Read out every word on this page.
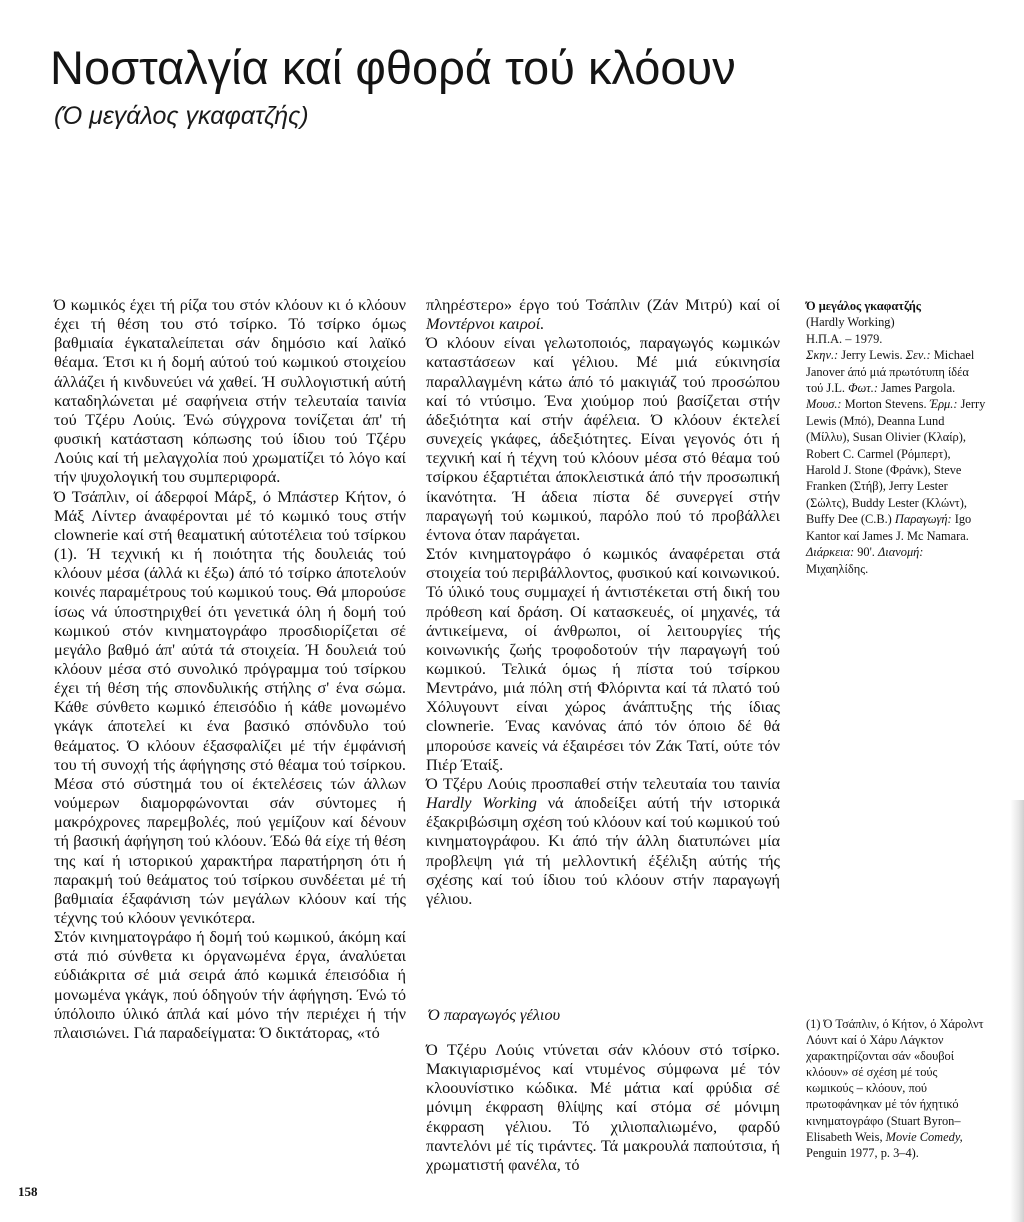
Νοσταλγία καί φθορά τού κλόουν
(Ό μεγάλος γκαφατζής)

Ό κωμικός έχει τή ρίζα του στόν κλόουν κι ό κλόουν έχει τή θέση του στό τσίρκο. Τό τσίρκο όμως βαθμιαία έγκαταλείπεται σάν δημόσιο καί λαϊκό θέαμα. Έτσι κι ή δομή αύτού τού κωμικού στοιχείου άλλάζει ή κινδυνεύει νά χαθεί. Ή συλλογιστική αύτή καταδηλώνεται μέ σαφήνεια στήν τελευταία ταινία τού Τζέρυ Λούις. Ένώ σύγχρονα τονίζεται άπ' τή φυσική κατάσταση κόπωσης τού ίδιου τού Τζέρυ Λούις καί τή μελαγχολία πού χρωματίζει τό λόγο καί τήν ψυχολογική του συμπεριφορά.

Ό Τσάπλιν, οί άδερφοί Μάρξ, ό Μπάστερ Κήτον, ό Μάξ Λίντερ άναφέρονται μέ τό κωμικό τους στήν clownerie καί στή θεαματική αύτοτέλεια τού τσίρκου (1). Ή τεχνική κι ή ποιότητα τής δουλειάς τού κλόουν μέσα (άλλά κι έξω) άπό τό τσίρκο άποτελούν κοινές παραμέτρους τού κωμικού τους. Θά μπορούσε ίσως νά ύποστηριχθεί ότι γενετικά όλη ή δομή τού κωμικού στόν κινηματογράφο προσδιορίζεται σέ μεγάλο βαθμό άπ' αύτά τά στοιχεία. Ή δουλειά τού κλόουν μέσα στό συνολικό πρόγραμμα τού τσίρκου έχει τή θέση τής σπονδυλικής στήλης σ' ένα σώμα. Κάθε σύνθετο κωμικό έπεισόδιο ή κάθε μονωμένο γκάγκ άποτελεί κι ένα βασικό σπόνδυλο τού θεάματος. Ό κλόουν έξασφαλίζει μέ τήν έμφάνισή του τή συνοχή τής άφήγησης στό θέαμα τού τσίρκου. Μέσα στό σύστημά του οί έκτελέσεις τών άλλων νούμερων διαμορφώνονται σάν σύντομες ή μακρόχρονες παρεμβολές, πού γεμίζουν καί δένουν τή βασική άφήγηση τού κλόουν. Έδώ θά είχε τή θέση της καί ή ιστορικού χαρακτήρα παρατήρηση ότι ή παρακμή τού θεάματος τού τσίρκου συνδέεται μέ τή βαθμιαία έξαφάνιση τών μεγάλων κλόουν καί τής τέχνης τού κλόουν γενικότερα.

Στόν κινηματογράφο ή δομή τού κωμικού, άκόμη καί στά πιό σύνθετα κι όργανωμένα έργα, άναλύεται εύδιάκριτα σέ μιά σειρά άπό κωμικά έπεισόδια ή μονωμένα γκάγκ, πού όδηγούν τήν άφήγηση. Ένώ τό ύπόλοιπο ύλικό άπλά καί μόνο τήν περιέχει ή τήν πλαισιώνει. Γιά παραδείγματα: Ό δικτάτορας, «τό

πληρέστερο» έργο τού Τσάπλιν (Ζάν Μιτρύ) καί οί Μοντέρνοι καιροί.

Ό κλόουν είναι γελωτοποιός, παραγωγός κωμικών καταστάσεων καί γέλιου. Μέ μιά εύκινησία παραλλαγμένη κάτω άπό τό μακιγιάζ τού προσώπου καί τό ντύσιμο. Ένα χιούμορ πού βασίζεται στήν άδεξιότητα καί στήν άφέλεια. Ό κλόουν έκτελεί συνεχείς γκάφες, άδεξιότητες. Είναι γεγονός ότι ή τεχνική καί ή τέχνη τού κλόουν μέσα στό θέαμα τού τσίρκου έξαρτιέται άποκλειστικά άπό τήν προσωπική ίκανότητα. Ή άδεια πίστα δέ συνεργεί στήν παραγωγή τού κωμικού, παρόλο πού τό προβάλλει έντονα όταν παράγεται.

Στόν κινηματογράφο ό κωμικός άναφέρεται στά στοιχεία τού περιβάλλοντος, φυσικού καί κοινωνικού. Τό ύλικό τους συμμαχεί ή άντιστέκεται στή δική του πρόθεση καί δράση. Οί κατασκευές, οί μηχανές, τά άντικείμενα, οί άνθρωποι, οί λειτουργίες τής κοινωνικής ζωής τροφοδοτούν τήν παραγωγή τού κωμικού. Τελικά όμως ή πίστα τού τσίρκου Μεντράνο, μιά πόλη στή Φλόριντα καί τά πλατό τού Χόλυγουντ είναι χώρος άνάπτυξης τής ίδιας clownerie. Ένας κανόνας άπό τόν όποιο δέ θά μπορούσε κανείς νά έξαιρέσει τόν Ζάκ Τατί, ούτε τόν Πιέρ Έταίξ.

Ό Τζέρυ Λούις προσπαθεί στήν τελευταία του ταινία Hardly Working νά άποδείξει αύτή τήν ιστορικά έξακριβώσιμη σχέση τού κλόουν καί τού κωμικού τού κινηματογράφου. Κι άπό τήν άλλη διατυπώνει μία προβλεψη γιά τή μελλοντική έξέλιξη αύτής τής σχέσης καί τού ίδιου τού κλόουν στήν παραγωγή γέλιου.

Ό παραγωγός γέλιου

Ό Τζέρυ Λούις ντύνεται σάν κλόουν στό τσίρκο. Μακιγιαρισμένος καί ντυμένος σύμφωνα μέ τόν κλοουνίστικο κώδικα. Μέ μάτια καί φρύδια σέ μόνιμη έκφραση θλίψης καί στόμα σέ μόνιμη έκφραση γέλιου. Τό χιλιοπαλιωμένο, φαρδύ παντελόνι μέ τίς τιράντες. Τά μακρουλά παπούτσια, ή χρωματιστή φανέλα, τό

Ό μεγάλος γκαφατζής
(Hardly Working)
Η.Π.Α. – 1979.
Σκην.: Jerry Lewis. Σεν.: Michael Janover άπό μιά πρωτότυπη ίδέα τού J.L. Φωτ.: James Pargola. Μουσ.: Morton Stevens. Έρμ.: Jerry Lewis (Μπό), Deanna Lund (Μίλλυ), Susan Olivier (Κλαίρ), Robert C. Carmel (Ρόμπερτ), Harold J. Stone (Φράνκ), Steve Franken (Στήβ), Jerry Lester (Σώλτς), Buddy Lester (Κλώντ), Buffy Dee (C.B.) Παραγωγή: Igo Kantor καί James J. Mc Namara. Διάρκεια: 90'. Διανομή: Μιχαηλίδης.
(1) Ό Τσάπλιν, ό Κήτον, ό Χάρολντ Λόυντ καί ό Χάρυ Λάγκτον χαρακτηρίζονται σάν «δουβοί κλόουν» σέ σχέση μέ τούς κωμικούς – κλόουν, πού πρωτοφάνηκαν μέ τόν ήχητικό κινηματογράφο (Stuart Byron–Elisabeth Weis, Movie Comedy, Penguin 1977, p. 3–4).
158
